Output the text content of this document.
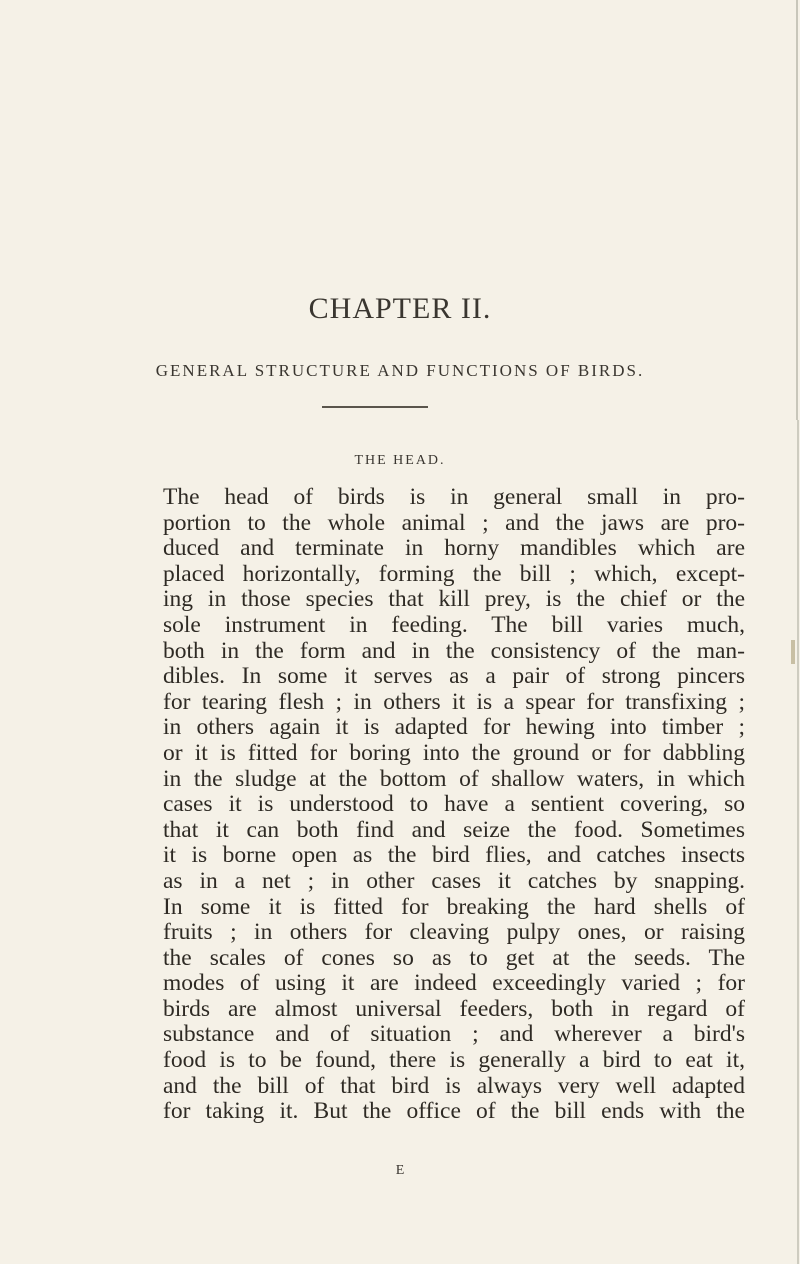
CHAPTER II.
GENERAL STRUCTURE AND FUNCTIONS OF BIRDS.
THE HEAD.
The head of birds is in general small in pro-
portion to the whole animal ; and the jaws are pro-
duced and terminate in horny mandibles which are
placed horizontally, forming the bill ; which, except-
ing in those species that kill prey, is the chief or the
sole instrument in feeding. The bill varies much,
both in the form and in the consistency of the man-
dibles. In some it serves as a pair of strong pincers
for tearing flesh ; in others it is a spear for transfixing ;
in others again it is adapted for hewing into timber ;
or it is fitted for boring into the ground or for dabbling
in the sludge at the bottom of shallow waters, in which
cases it is understood to have a sentient covering, so
that it can both find and seize the food. Sometimes
it is borne open as the bird flies, and catches insects
as in a net ; in other cases it catches by snapping.
In some it is fitted for breaking the hard shells of
fruits ; in others for cleaving pulpy ones, or raising
the scales of cones so as to get at the seeds. The
modes of using it are indeed exceedingly varied ; for
birds are almost universal feeders, both in regard of
substance and of situation ; and wherever a bird's
food is to be found, there is generally a bird to eat it,
and the bill of that bird is always very well adapted
for taking it. But the office of the bill ends with the
E
